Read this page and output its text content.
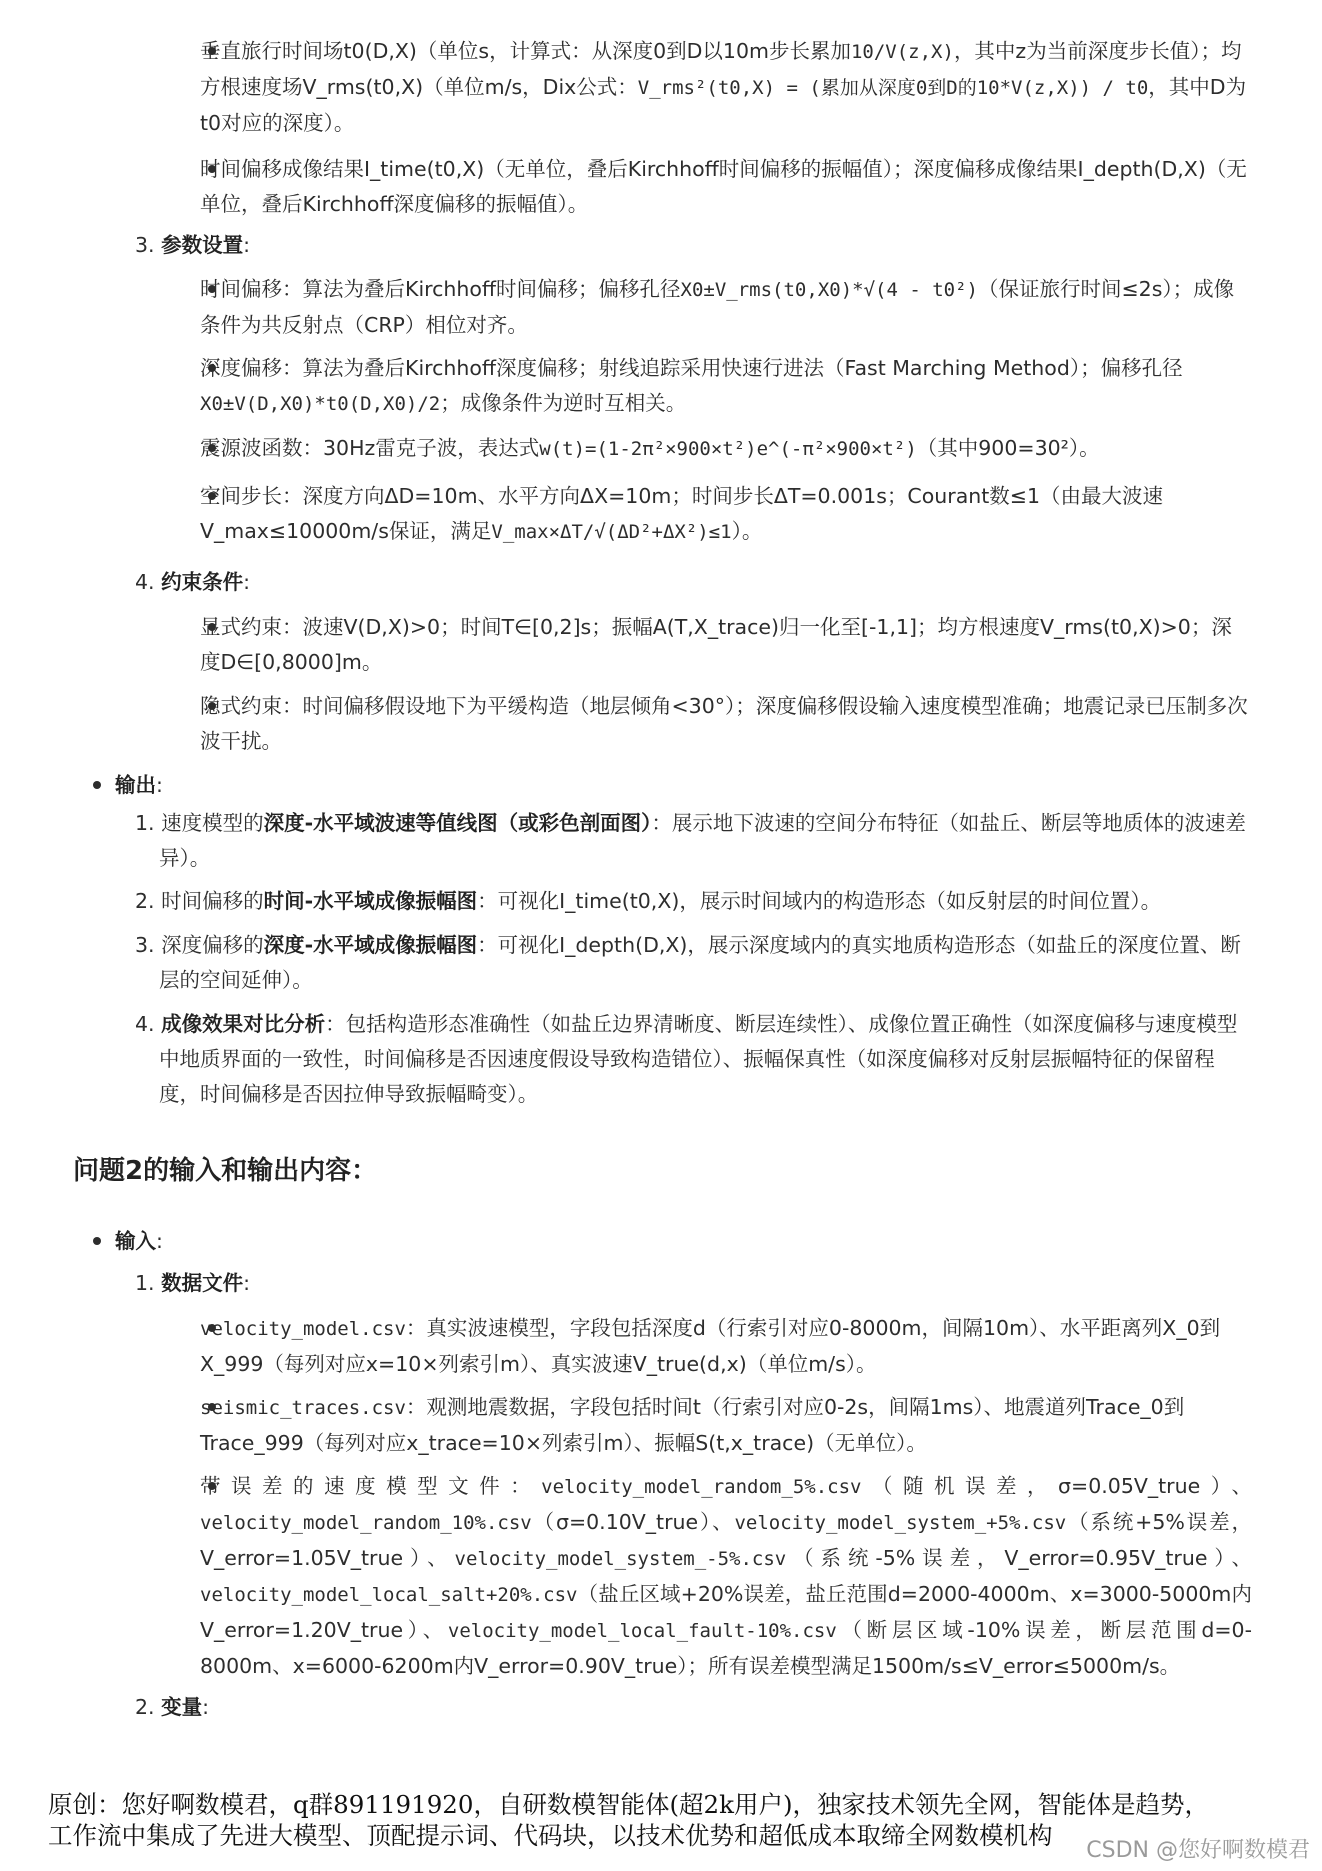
垂直旅行时间场t0(D,X)（单位s，计算式：从深度0到D以10m步长累加10/V(z,X)，其中z为当前深度步长值）；均方根速度场V_rms(t0,X)（单位m/s，Dix公式：V_rms²(t0,X) = (累加从深度0到D的10*V(z,X)) / t0，其中D为t0对应的深度）。
时间偏移成像结果I_time(t0,X)（无单位，叠后Kirchhoff时间偏移的振幅值）；深度偏移成像结果I_depth(D,X)（无单位，叠后Kirchhoff深度偏移的振幅值）。
3. 参数设置:
时间偏移：算法为叠后Kirchhoff时间偏移；偏移孔径X0±V_rms(t0,X0)*√(4 - t0²)（保证旅行时间≤2s）；成像条件为共反射点（CRP）相位对齐。
深度偏移：算法为叠后Kirchhoff深度偏移；射线追踪采用快速行进法（Fast Marching Method）；偏移孔径X0±V(D,X0)*t0(D,X0)/2；成像条件为逆时互相关。
震源波函数：30Hz雷克子波，表达式w(t)=(1-2π²×900×t²)e^(-π²×900×t²)（其中900=30²）。
空间步长：深度方向ΔD=10m、水平方向ΔX=10m；时间步长ΔT=0.001s；Courant数≤1（由最大波速V_max≤10000m/s保证，满足V_max×ΔT/√(ΔD²+ΔX²)≤1）。
4. 约束条件:
显式约束：波速V(D,X)>0；时间T∈[0,2]s；振幅A(T,X_trace)归一化至[-1,1]；均方根速度V_rms(t0,X)>0；深度D∈[0,8000]m。
隐式约束：时间偏移假设地下为平缓构造（地层倾角<30°）；深度偏移假设输入速度模型准确；地震记录已压制多次波干扰。
输出:
1. 速度模型的深度-水平域波速等值线图（或彩色剖面图）：展示地下波速的空间分布特征（如盐丘、断层等地质体的波速差异）。
2. 时间偏移的时间-水平域成像振幅图：可视化I_time(t0,X)，展示时间域内的构造形态（如反射层的时间位置）。
3. 深度偏移的深度-水平域成像振幅图：可视化I_depth(D,X)，展示深度域内的真实地质构造形态（如盐丘的深度位置、断层的空间延伸）。
4. 成像效果对比分析：包括构造形态准确性（如盐丘边界清晰度、断层连续性）、成像位置正确性（如深度偏移与速度模型中地质界面的一致性，时间偏移是否因速度假设导致构造错位）、振幅保真性（如深度偏移对反射层振幅特征的保留程度，时间偏移是否因拉伸导致振幅畸变）。
问题2的输入和输出内容：
输入:
1. 数据文件:
velocity_model.csv：真实波速模型，字段包括深度d（行索引对应0-8000m，间隔10m）、水平距离列X_0到X_999（每列对应x=10×列索引m）、真实波速V_true(d,x)（单位m/s）。
seismic_traces.csv：观测地震数据，字段包括时间t（行索引对应0-2s，间隔1ms）、地震道列Trace_0到Trace_999（每列对应x_trace=10×列索引m）、振幅S(t,x_trace)（无单位）。
带误差的速度模型文件：velocity_model_random_5%.csv（随机误差，σ=0.05V_true）、velocity_model_random_10%.csv（σ=0.10V_true）、velocity_model_system_+5%.csv（系统+5%误差，V_error=1.05V_true）、velocity_model_system_-5%.csv（系统-5%误差，V_error=0.95V_true）、velocity_model_local_salt+20%.csv（盐丘区域+20%误差，盐丘范围d=2000-4000m、x=3000-5000m内V_error=1.20V_true）、velocity_model_local_fault-10%.csv（断层区域-10%误差，断层范围d=0-8000m、x=6000-6200m内V_error=0.90V_true）；所有误差模型满足1500m/s≤V_error≤5000m/s。
2. 变量:
原创：您好啊数模君，q群891191920，自研数模智能体(超2k用户)，独家技术领先全网，智能体是趋势，
工作流中集成了先进大模型、顶配提示词、代码块，以技术优势和超低成本取缔全网数模机构
CSDN @您好啊数模君
